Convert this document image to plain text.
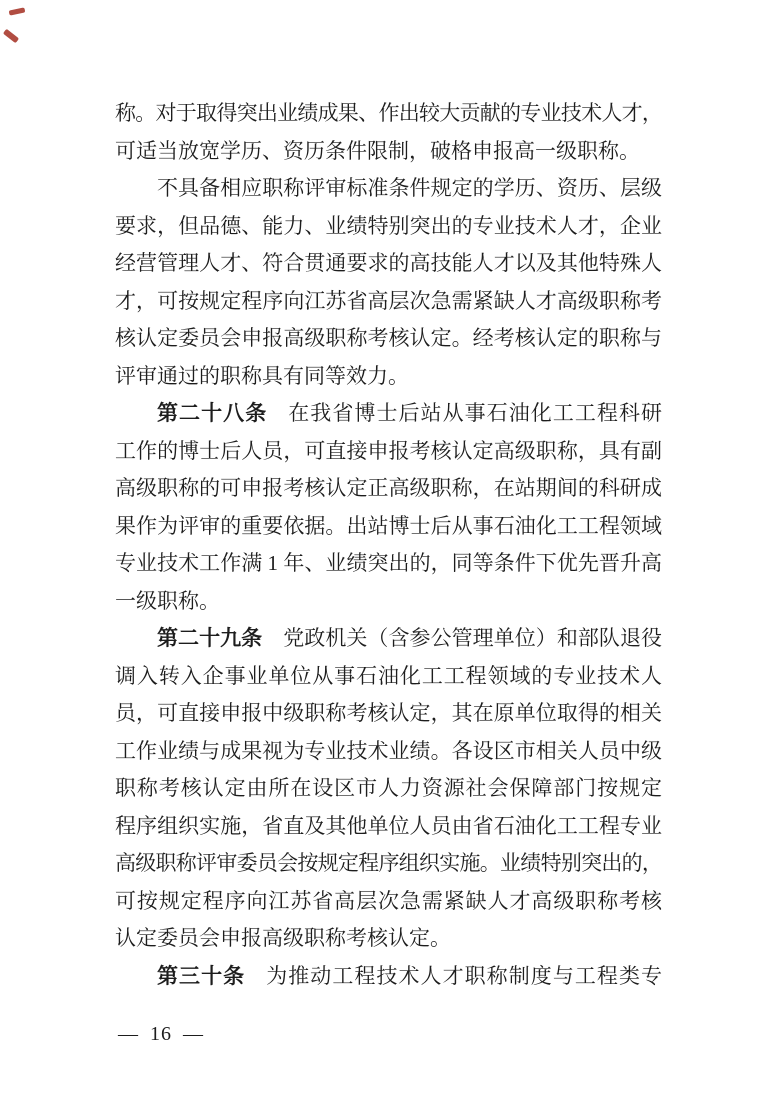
称。对于取得突出业绩成果、作出较大贡献的专业技术人才，
可适当放宽学历、资历条件限制，破格申报高一级职称。
不具备相应职称评审标准条件规定的学历、资历、层级
要求，但品德、能力、业绩特别突出的专业技术人才，企业
经营管理人才、符合贯通要求的高技能人才以及其他特殊人
才，可按规定程序向江苏省高层次急需紧缺人才高级职称考
核认定委员会申报高级职称考核认定。经考核认定的职称与
评审通过的职称具有同等效力。
第二十八条 在我省博士后站从事石油化工工程科研
工作的博士后人员，可直接申报考核认定高级职称，具有副
高级职称的可申报考核认定正高级职称，在站期间的科研成
果作为评审的重要依据。出站博士后从事石油化工工程领域
专业技术工作满 1 年、业绩突出的，同等条件下优先晋升高
一级职称。
第二十九条 党政机关（含参公管理单位）和部队退役
调入转入企事业单位从事石油化工工程领域的专业技术人
员，可直接申报中级职称考核认定，其在原单位取得的相关
工作业绩与成果视为专业技术业绩。各设区市相关人员中级
职称考核认定由所在设区市人力资源社会保障部门按规定
程序组织实施，省直及其他单位人员由省石油化工工程专业
高级职称评审委员会按规定程序组织实施。业绩特别突出的，
可按规定程序向江苏省高层次急需紧缺人才高级职称考核
认定委员会申报高级职称考核认定。
第三十条 为推动工程技术人才职称制度与工程类专
— 16 —
